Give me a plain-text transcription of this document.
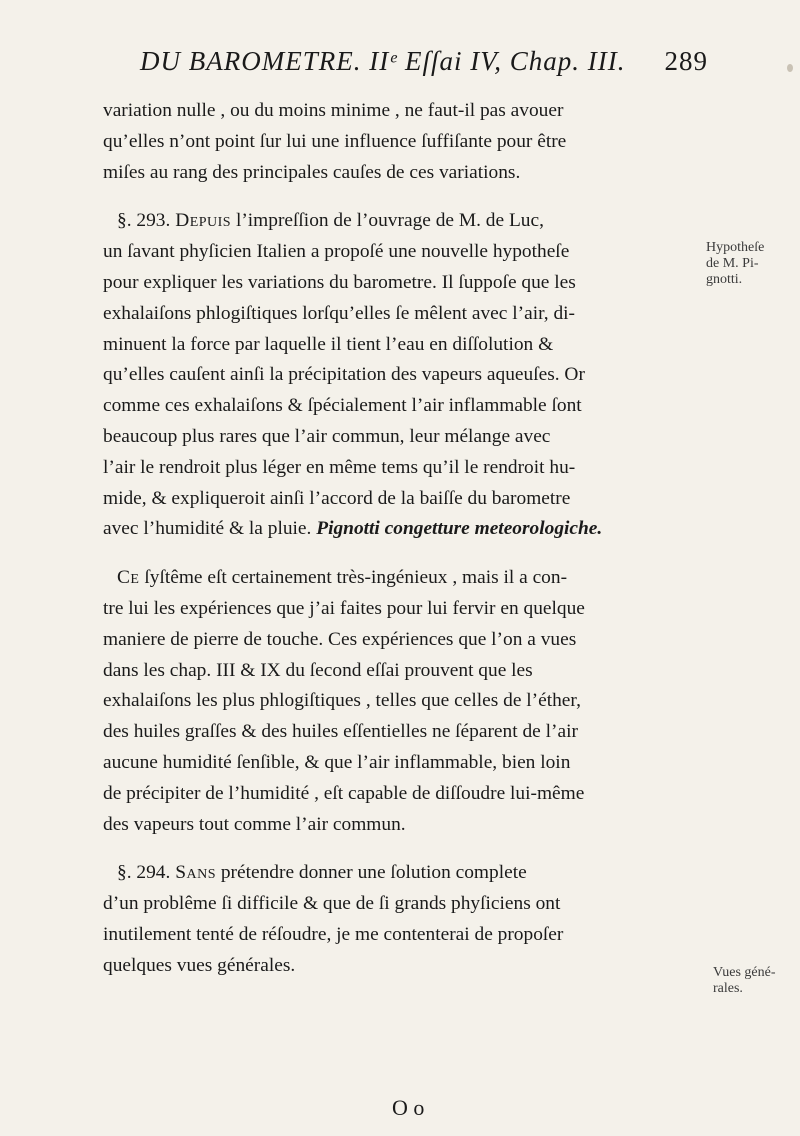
DU BAROMETRE. IIᵉ Eſſai IV, Chap. III. 289

variation nulle , ou du moins minime , ne faut-il pas avouer
qu’elles n’ont point ſur lui une influence ſuffiſante pour être
miſes au rang des principales cauſes de ces variations.

§. 293. Depuis l’impreſſion de l’ouvrage de M. de Luc,
un ſavant phyſicien Italien a propoſé une nouvelle hypotheſe
pour expliquer les variations du barometre. Il ſuppoſe que les
exhalaiſons phlogiſtiques lorſqu’elles ſe mêlent avec l’air, di-
minuent la force par laquelle il tient l’eau en diſſolution &
qu’elles cauſent ainſi la précipitation des vapeurs aqueuſes. Or
comme ces exhalaiſons & ſpécialement l’air inflammable ſont
beaucoup plus rares que l’air commun, leur mélange avec
l’air le rendroit plus léger en même tems qu’il le rendroit hu-
mide, & expliqueroit ainſi l’accord de la baiſſe du barometre
avec l’humidité & la pluie. Pignotti congetture meteorologiche.

Ce ſyſtême eſt certainement très-ingénieux , mais il a con-
tre lui les expériences que j’ai faites pour lui fervir en quelque
maniere de pierre de touche. Ces expériences que l’on a vues
dans les chap. III & IX du ſecond eſſai prouvent que les
exhalaiſons les plus phlogiſtiques , telles que celles de l’éther,
des huiles graſſes & des huiles eſſentielles ne ſéparent de l’air
aucune humidité ſenſible, & que l’air inflammable, bien loin
de précipiter de l’humidité , eſt capable de diſſoudre lui-même
des vapeurs tout comme l’air commun.

§. 294. Sans prétendre donner une ſolution complete
d’un problême ſi difficile & que de ſi grands phyſiciens ont
inutilement tenté de réſoudre, je me contenterai de propoſer
quelques vues générales.

Hypotheſe
de M. Pi-
gnotti.
Vues géné-
rales.
O o
